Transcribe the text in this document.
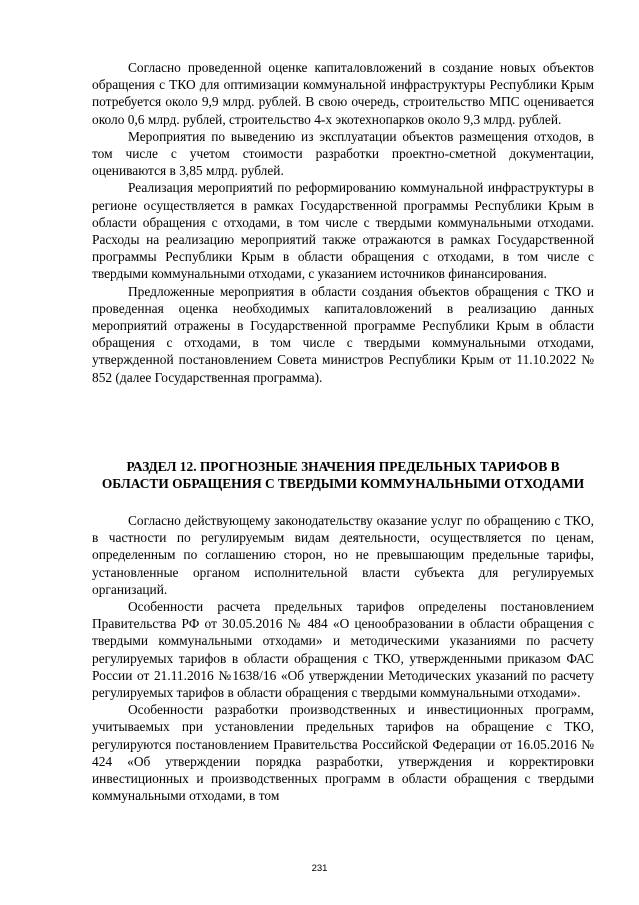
Согласно проведенной оценке капиталовложений в создание новых объектов обращения с ТКО для оптимизации коммунальной инфраструктуры Республики Крым потребуется около 9,9 млрд. рублей. В свою очередь, строительство МПС оценивается около 0,6 млрд. рублей, строительство 4-х экотехнопарков около 9,3 млрд. рублей.

Мероприятия по выведению из эксплуатации объектов размещения отходов, в том числе с учетом стоимости разработки проектно-сметной документации, оцениваются в 3,85 млрд. рублей.

Реализация мероприятий по реформированию коммунальной инфраструктуры в регионе осуществляется в рамках Государственной программы Республики Крым в области обращения с отходами, в том числе с твердыми коммунальными отходами. Расходы на реализацию мероприятий также отражаются в рамках Государственной программы Республики Крым в области обращения с отходами, в том числе с твердыми коммунальными отходами, с указанием источников финансирования.

Предложенные мероприятия в области создания объектов обращения с ТКО и проведенная оценка необходимых капиталовложений в реализацию данных мероприятий отражены в Государственной программе Республики Крым в области обращения с отходами, в том числе с твердыми коммунальными отходами, утвержденной постановлением Совета министров Республики Крым от 11.10.2022 № 852 (далее Государственная программа).

РАЗДЕЛ 12. ПРОГНОЗНЫЕ ЗНАЧЕНИЯ ПРЕДЕЛЬНЫХ ТАРИФОВ В ОБЛАСТИ ОБРАЩЕНИЯ С ТВЕРДЫМИ КОММУНАЛЬНЫМИ ОТХОДАМИ

Согласно действующему законодательству оказание услуг по обращению с ТКО, в частности по регулируемым видам деятельности, осуществляется по ценам, определенным по соглашению сторон, но не превышающим предельные тарифы, установленные органом исполнительной власти субъекта для регулируемых организаций.

Особенности расчета предельных тарифов определены постановлением Правительства РФ от 30.05.2016 № 484 «О ценообразовании в области обращения с твердыми коммунальными отходами» и методическими указаниями по расчету регулируемых тарифов в области обращения с ТКО, утвержденными приказом ФАС России от 21.11.2016 №1638/16 «Об утверждении Методических указаний по расчету регулируемых тарифов в области обращения с твердыми коммунальными отходами».

Особенности разработки производственных и инвестиционных программ, учитываемых при установлении предельных тарифов на обращение с ТКО, регулируются постановлением Правительства Российской Федерации от 16.05.2016 № 424 «Об утверждении порядка разработки, утверждения и корректировки инвестиционных и производственных программ в области обращения с твердыми коммунальными отходами, в том

231
